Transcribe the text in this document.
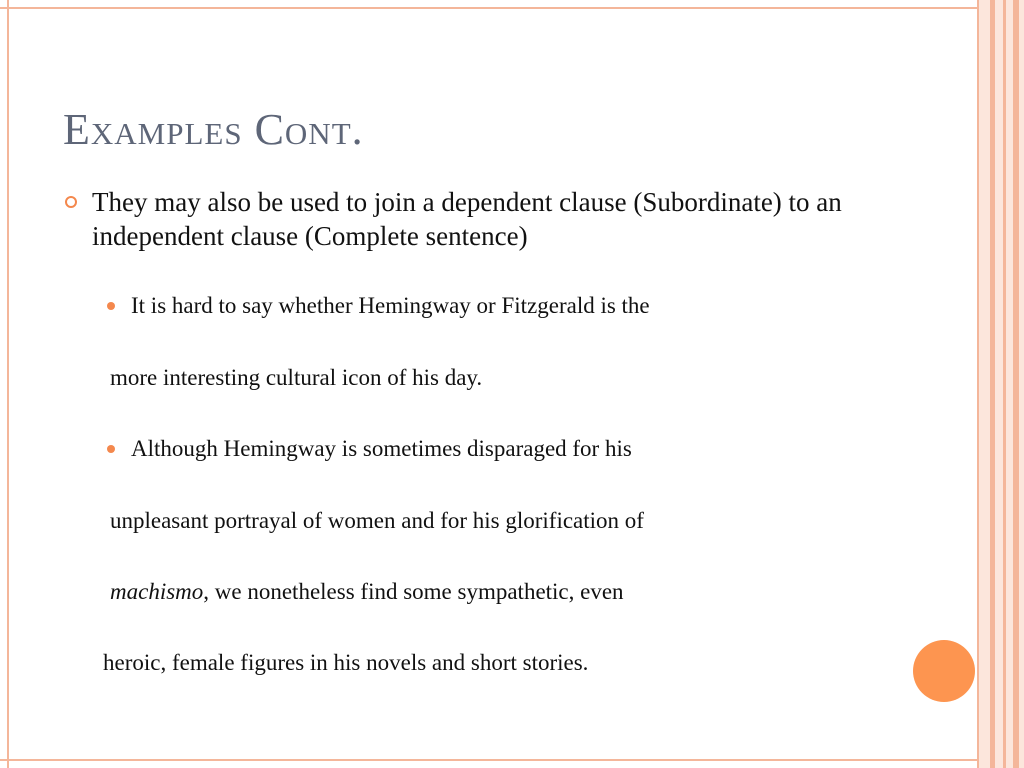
Examples Cont.
They may also be used to join a dependent clause (Subordinate) to an independent clause (Complete sentence)
It is hard to say whether Hemingway or Fitzgerald is the
more interesting cultural icon of his day.
Although Hemingway is sometimes disparaged for his
unpleasant portrayal of women and for his glorification of
machismo, we nonetheless find some sympathetic, even
heroic, female figures in his novels and short stories.
